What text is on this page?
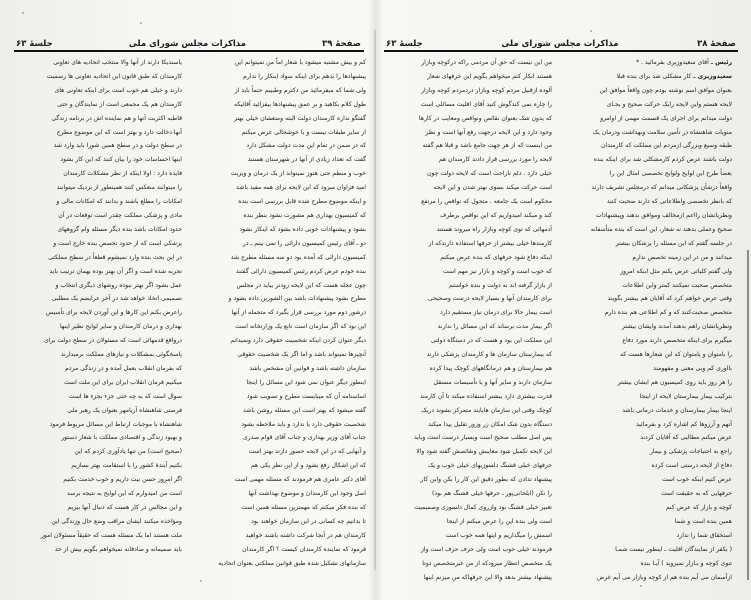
صفحهٔ ۳۹
مذاکرات مجلس شورای ملی
جلسهٔ ۶۳

کم و بیش مشتبه میشود با شعار اماّ من نمیتوانم این

پیشنهادها را بدهم برای اینکه سواد اینکار را ندارم

ولی شما که میفرمائید من دکترم وطبیبم حتماً باید از

طول کلام بکاهید و بر عمق پیشنهادها بیفزائید آقائیکه

گفتگو نداره کارمندان دولت البته وضعشان خیلی بهتر

از سایر طبقات نیست و با خوشحالی عرض میکنم

که در ضمن در تمام این مدت دولت مشکل دارد

گفت که تعداد زیادی از آنها در شهرستان هستند

خوب و منظم حتی هنوز نمیتواند از یک درمان و ویزیت

امید فراوان میرود که این لایحه برای همه مفید باشد

و اینکه موضوع مطرح شده قابل بررسی است بنده

که کمیسیون بهداری هم مشورت بشود بنظر بنده

بشود و پیشنهادات خوبی داده بشود که اینکار بشود

دو ـ آقای رئیس کمیسیون دارائی را نمی بینم ـ در

کمیسیون دارائی که آمده بود دو سه مسئله مطرح شد

بنده خودم عرض کردم رئیس کمیسیون دارائی گفتند

چون عجله هست که این لایحه زودتر بیاید در مجلس

مطرح بشود پیشنهادات باشد بین الشورین داده بشود و

درشور دوم مورد بررسی قرار بگیرد که متجمله از آنها

این بود که اگر سازمان است تابع یک وزارتخانه است

دیگر عنوان کردن اینکه شخصیت حقوقی دارد ونمیدانم

آنچیزها نمیتواند باشد و اما اگر یک شخصیت حقوقی

سازمان داشته باشد و قوانین آن مشخص باشد

اینطور دیگر عنوان نمی شود این مسائل را اینجا

اساسنامه آن که میبایست مطرح و تصویب شود

گفته میشود که بهتر است این مسئله روشن باشد

شخصیت حقوقی دارد یا ندارد و باید ملاحظه بشود

جناب آقای وزیر بهداری و جناب آقای قوام صدری

و آنهایی که در این لایحه حضور دارند بهتر است

که این اشکال رفع بشود و از این نظر یکی هم

آقای دکتر عامری هم فرمودند که مسئله مهمی است

اصل وجود این کارمندان و موضوع بهداشت آنها

که بنده فکر میکنم که مهمترین مسئله همین است

تا بدانیم چه کسانی در این سازمان خواهند بود

کارمندان هم در آنجا شرکت داشته باشند خواهید

فرمود که نماینده کارمندان کیست ؟ اگر کارمندان

سازمانهای تشکیل شده طبق قوانین مملکتی بعنوان اتحادیه

یاسندیکا دارند از آنها والا منتخب اتحادیه های تعاونی

کارمندان که طبق قانون این اتحادیه تعاونی ها رسمیت

دارند و خیلی هم خوب است برای اینکه تعاونی های

کارمندان هم یک مجمعی است از نمایندگان و حتی

قاطبه اکثریت آنها و هم نماینده اش در برنامه زندگی

آنها دخالت دارد و بهتر است که این موضوع مطرح

در سطح دولت و در سطح همین شورا باید وارد شد

اینها احساسات خود را بیان کنند که این کار بشود

فایده دارد : اولا اینکه از نظر مشکلات کارمندان

را میتوانند منعکس کنند همینطور از نزدیک میتوانند

امکانات را مطلع باشند و بدانند که امکانات مالی و

مادی و پزشکی مملکت چقدر است توقعات در آن

حدود امکانات باشد بنده دیگر مسئله وام گروههای

پزشکی است که از حدود تخصص بنده خارج است و

در این بحث بنده وارد نمیشوم قطعاً در سطح مملکتی

تجربه شده است و اگر آن بهتر بوده بهمان ترتیب باید

عمل بشود اگر بهتر نبوده روشهای دیگری انتخاب و

تصمیمی اتخاذ خواهد شد در آخر عرایضم یک مطلبی

راعرض بکنم این کارها و این آوردن لایحه برای تأسیس

بهداری و درمان کارمندان و سایر لوایح نظیر اینها

درواقع قدمهائی است که مسئولان در سطح دولت برای

پاسخگوئی بمشکلات و نیازهای مملکت برمیدارند

که بفرمان انقلاب بعمل آمده و در زندگی مردم

میکنیم فرمان انقلاب ایران برای این ملت است

سوال است که به چه حتی جزء بجزء ها است

فرصتی شاهنشاه آریامهر بعنوان یک رهبر ملی

شاهنشاه با موجبات ارتباط این مسائل مربوط فرمود

و بهبود زندگی و اقتصادی مملکت با شعار دستور

(صحیح است) من تنها یادآوری کردم که این

بکنیم آیندهٔ کشور را با استقامت بهتر بسازیم

اگر امروز حسن نیت داریم و خوب خدمت بکنیم

است من امیدوارم که این لوایح به نتیجه برسد

و این مجالس در کار هست که دنبال آنها ببریم

ومؤاخذه میکنند ایشان مراقب وضع حال وزندگی این

ملت هستند اما یک مسئله هست که حقیقاً مسئولان امور

باید صمیمانه و صادقانه نمیخواهم بگویم بیش از حد

صفحهٔ ۳۸
مذاکرات مجلس شورای ملی
جلسهٔ ۶۳

رئیس ـ آقای سعیدوزیری بفرمائید . *

سعیدوزیری ـ کار مشکلی شد برای بنده قبلا

بعنوان موافق اسم نوشته بودم چون واقعاً موافق این

لایحه هستم واین لایحه رایک حرکت صحیح و بجـای

دولت میدانم برای اجرای یک قسمت مهمی از اوامرو

منویات شاهنشاه در تأمین سلامت وبهداشت ودرمان یک

طبقه وسیع وبزرگی ازمردم این مملکت که کارمندان

دولت باشند عرض کردم کارمشکلی شد برای اینکه بنده

بعضاً طرح این لوایح ولوایح تخصصی امثال این را

واقعاً درشأن پزشکانی میدانم که درمجلس تشریف دارند

که بانظر تخصصی واطلاعاتی که دارند صحبت کنند

ونظریاتشان رااعم ازمخالف وموافق بدهند وپیشنهادات

صحیح وعملی بدهند نه شعار، این است که بنده متأسفانه

در جلسه گفتم که این مسئله را پزشکان بیشتر

میدانند و من در این زمینه تخصص ندارم

ولی گفتم کلیاتی عرض بکنم مثل اینکه امروز

متخصص صحبت نمیکنند کمتر واین اطلاعات

وقتی عرض خواهم کرد که آقایان هم بیشتر بگویند

متخصص صحبت‌کنند که و کم اطلاعی هم بنده دارم

ونظریاتشان راهم بدهند آمدند وایشان بیشتر

میگیرم برای اینکه متخصص دارند مورد دفاع

را بامتوان و یامتوان که این شعارها هست که

بااوری کم وبی معنی و مفهومند

را هر روز باید روی کمیسیون هم ایشان بیشتر

بترکیب بیمار بیمارستان لایحه از اینجا

اینجا بیمار بیمارستان و خدمات درمانی باشد

آنهم و آرزوها کم اشاره کرد و بفرمائید

عرض میکنم مطالبی که آقایان کردند

راجع به احتیاجات پزشکی و بیمار

دفاع از لایحه درستی است کرده

عرض کنیم اینکه خوب است

حرفهایی که به حقیقت است

کوچه و بازار که عرض کنم

همین بنده است و شما

استحقاق شما را ندارد

( بکفر از نمایندگان اقلیت ـ اینطور نیست شمـا

تنوی کوچه و بـازار نمیروید ) آیـا بنده

ازآسمان می آیم بنده هم از کوچه وبازار می آیم غرض

من این نیست که حق آن مردمی راکه درکوچه وبازار

هستند انکار کنم میخواهم بگویم این حرفهای شعار

آلوده ازقبیل مردم کوچه وبازار دردمردم کوچه وبازار

را چاره نمی کندگوش کنید آقای اقلیت مسائلی است

که بدون شک بعنوان نقائص ونواقص ومعایب در کارها

وجود دارد و این لایحه درجهت رفع آنها است و نظر

من اینست که از هر جهت جامع باشد و قبلا هم گفته

لایحه را مورد بررسی قرار دادند کارمندان هم

خیلی دارد . دلم ناراحت است که لایحه دولت چون

است حرکت میکند بسوی بهتر شدن و این لایحه

محکوم است یک جامعه . متحول که نواقص را مرتفع

کند و میکند امیدواریم که این نواقص برطرف

آدمهائی که توی کوچه وبازار راه میروند هستند

کارمندها خیلی بیشتر از حرفها استفاده دارندکه از

اینکه دفاع شود حرفهای که بنده عرض میکنم

که خوب است و کوچه و بازار نیز مهم است

از بازار گرفته اند نه دولت و بنده خواستم

برای کارمندان آنها و بسیار لایحه درست وصحیحی

است بیمار حالا برای درمان نیاز مستقیم دارد

اگر بیمار مدت برساند که این مسائل را ندارند

این مملکت این بود و هست که در دستگاه دولتی

که بیمارستان سازمان ها و کارمندان پزشکی دارند

هم بیمارستان و هم درمانگاههای کوچک پیدا کرده

سازمان دارند و سایر آنها و یا تأسیسات مستقل

قدرت بیشتری دارد بیشتر استفاده میکند تا آن کارمند

کوچک وقتی این سازمان هایایند متمرکز بشوند دریک

دستگاه بدون شک امکان زر وزور تقلیل پیدا میکند

پس اصل مطلب صحیح است وبسیار درست است وباید

این لایحه تکمیل شود معایبش ونقائصش گفته شود والا

حرفهای خیلی قشنگ دلسوزیهای خیلی خوب و یک

پیشنهاد ندادن که بطور دقیق این کار را بکن واین کار

را نکن (ابلخانی‌پور ـ حرفها خیلی قشنگ هم بود)

تعبیر خیلی قشنگ بود وازروی کمال دلسوزی وصمیمیت

است ولی بنده این را عرض میکنم از اینجا

اسمش را میگذاریم و اینها همه خوب است

فرمودند خیلی خوب است ولی حرف حرف است واز

یک متخصص انتظار میرودکه از من غیرمتخصص دوتا

پیشنهاد بیشتر بدهد والا این حرفهاکه من میزنم اینها
